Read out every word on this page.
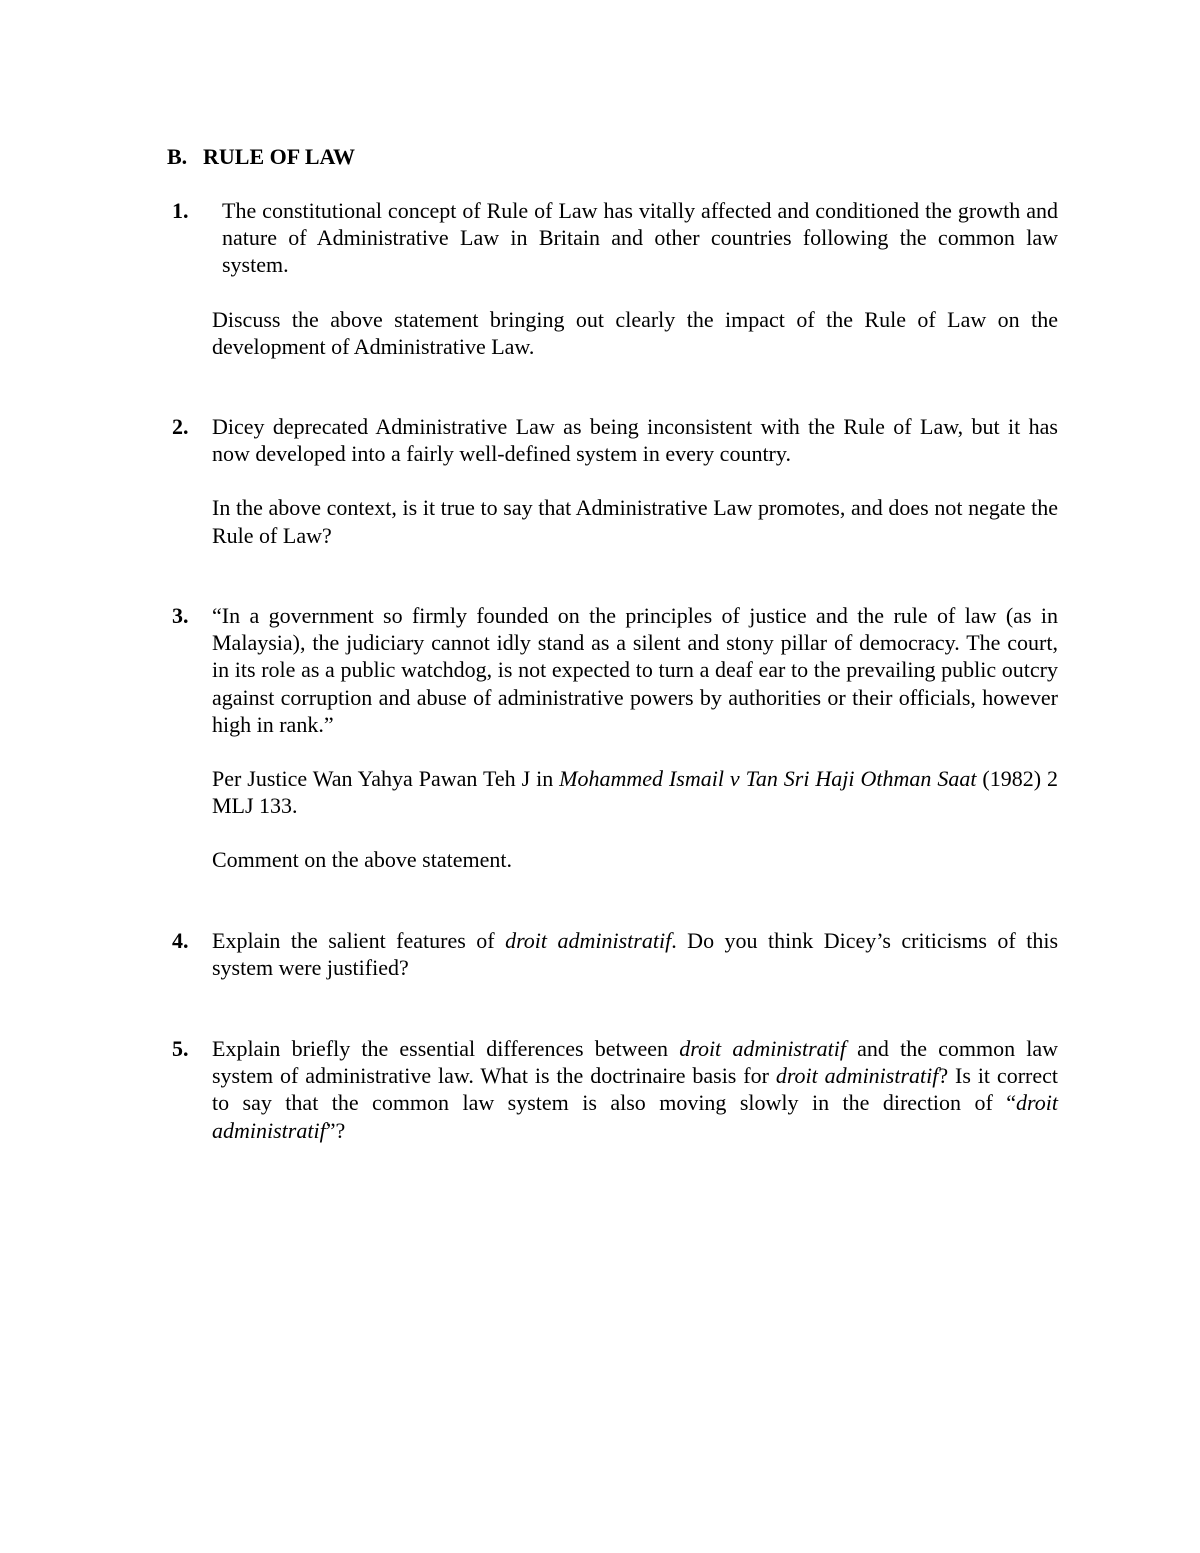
B. RULE OF LAW
1.	The constitutional concept of Rule of Law has vitally affected and conditioned the growth and nature of Administrative Law in Britain and other countries following the common law system.

Discuss the above statement bringing out clearly the impact of the Rule of Law on the development of Administrative Law.

2. Dicey deprecated Administrative Law as being inconsistent with the Rule of Law, but it has now developed into a fairly well-defined system in every country.

In the above context, is it true to say that Administrative Law promotes, and does not negate the Rule of Law?

3. “In a government so firmly founded on the principles of justice and the rule of law (as in Malaysia), the judiciary cannot idly stand as a silent and stony pillar of democracy. The court, in its role as a public watchdog, is not expected to turn a deaf ear to the prevailing public outcry against corruption and abuse of administrative powers by authorities or their officials, however high in rank.”

Per Justice Wan Yahya Pawan Teh J in Mohammed Ismail v Tan Sri Haji Othman Saat (1982) 2 MLJ 133.

Comment on the above statement.

4. Explain the salient features of droit administratif. Do you think Dicey’s criticisms of this system were justified?

5. Explain briefly the essential differences between droit administratif and the common law system of administrative law. What is the doctrinaire basis for droit administratif? Is it correct to say that the common law system is also moving slowly in the direction of “droit administratif”?
